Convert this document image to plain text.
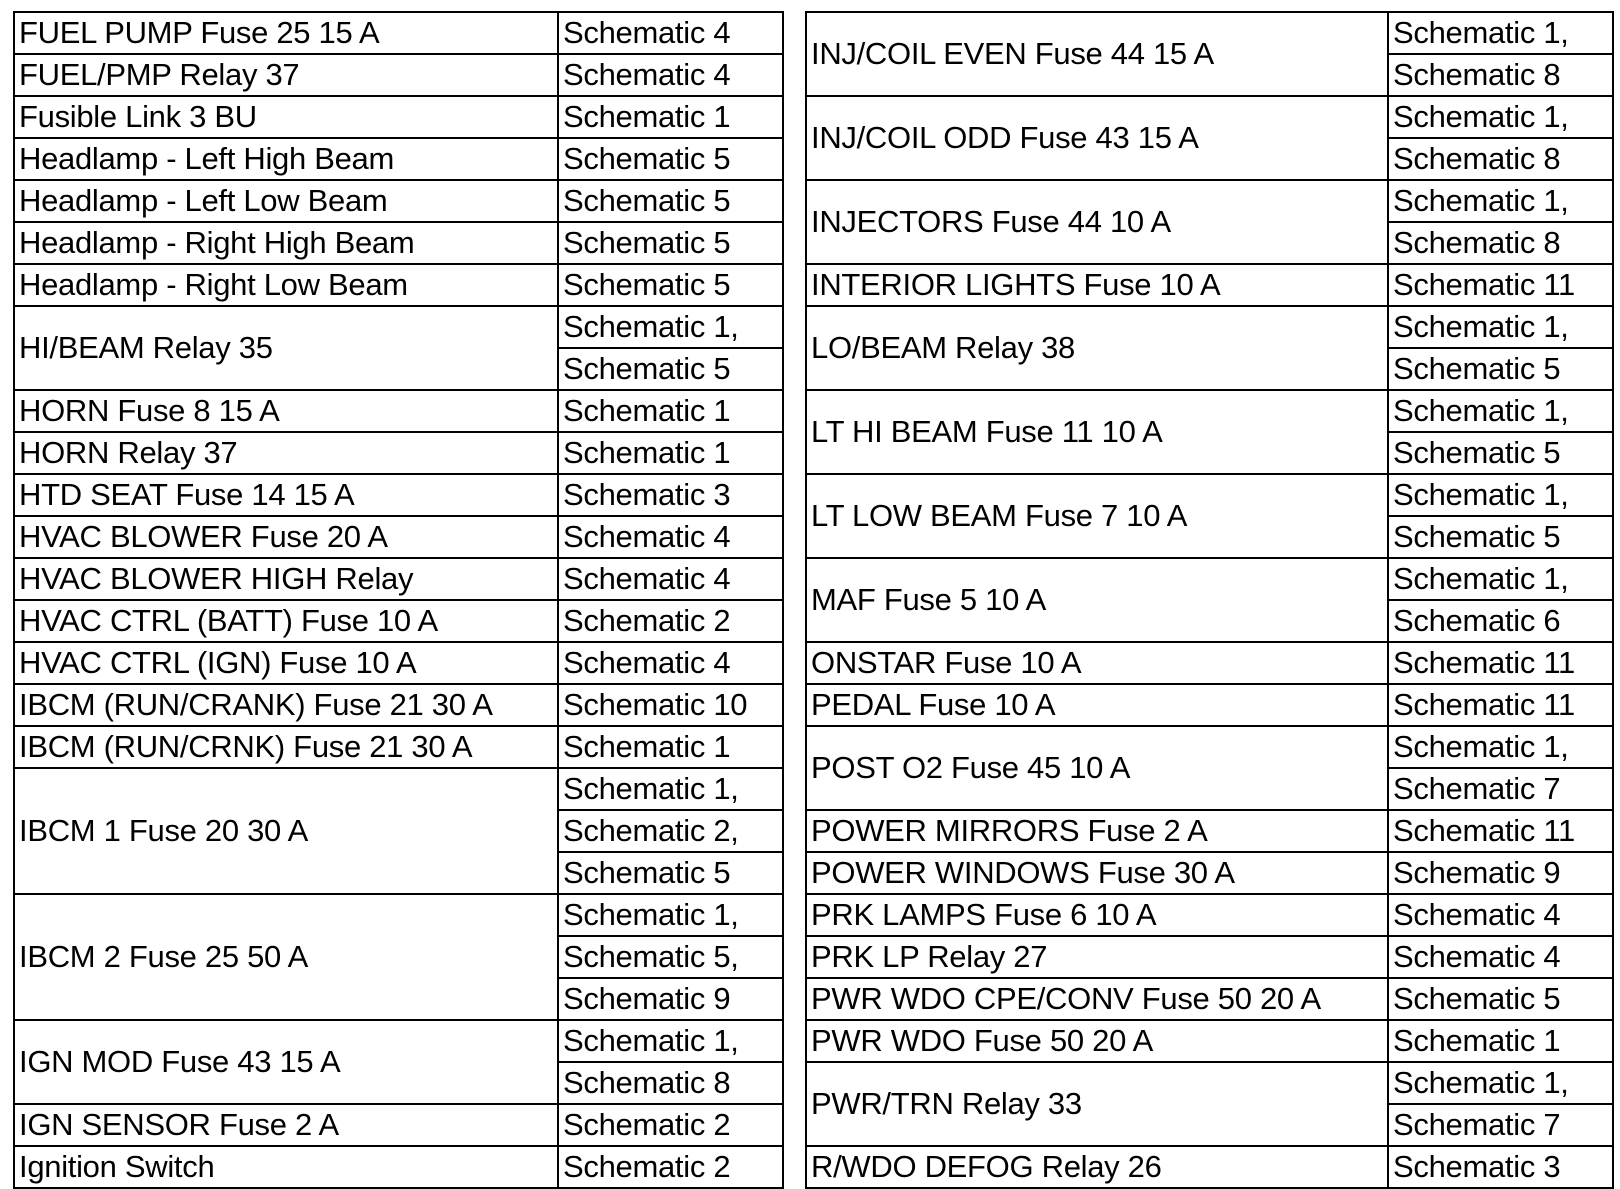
FUEL PUMP Fuse 25 15 A	Schematic 4
FUEL/PMP Relay 37	Schematic 4
Fusible Link 3 BU	Schematic 1
Headlamp - Left High Beam	Schematic 5
Headlamp - Left Low Beam	Schematic 5
Headlamp - Right High Beam	Schematic 5
Headlamp - Right Low Beam	Schematic 5
HI/BEAM Relay 35	Schematic 1,
	Schematic 5
HORN Fuse 8 15 A	Schematic 1
HORN Relay 37	Schematic 1
HTD SEAT Fuse 14 15 A	Schematic 3
HVAC BLOWER Fuse 20 A	Schematic 4
HVAC BLOWER HIGH Relay	Schematic 4
HVAC CTRL (BATT) Fuse 10 A	Schematic 2
HVAC CTRL (IGN) Fuse 10 A	Schematic 4
IBCM (RUN/CRANK) Fuse 21 30 A	Schematic 10
IBCM (RUN/CRNK) Fuse 21 30 A	Schematic 1
IBCM 1 Fuse 20 30 A	Schematic 1,
	Schematic 2,
	Schematic 5
IBCM 2 Fuse 25 50 A	Schematic 1,
	Schematic 5,
	Schematic 9
IGN MOD Fuse 43 15 A	Schematic 1,
	Schematic 8
IGN SENSOR Fuse 2 A	Schematic 2
Ignition Switch	Schematic 2
INJ/COIL EVEN Fuse 44 15 A	Schematic 1,
	Schematic 8
INJ/COIL ODD Fuse 43 15 A	Schematic 1,
	Schematic 8
INJECTORS Fuse 44 10 A	Schematic 1,
	Schematic 8
INTERIOR LIGHTS Fuse 10 A	Schematic 11
LO/BEAM Relay 38	Schematic 1,
	Schematic 5
LT HI BEAM Fuse 11 10 A	Schematic 1,
	Schematic 5
LT LOW BEAM Fuse 7 10 A	Schematic 1,
	Schematic 5
MAF Fuse 5 10 A	Schematic 1,
	Schematic 6
ONSTAR Fuse 10 A	Schematic 11
PEDAL Fuse 10 A	Schematic 11
POST O2 Fuse 45 10 A	Schematic 1,
	Schematic 7
POWER MIRRORS Fuse 2 A	Schematic 11
POWER WINDOWS Fuse 30 A	Schematic 9
PRK LAMPS Fuse 6 10 A	Schematic 4
PRK LP Relay 27	Schematic 4
PWR WDO CPE/CONV Fuse 50 20 A	Schematic 5
PWR WDO Fuse 50 20 A	Schematic 1
PWR/TRN Relay 33	Schematic 1,
	Schematic 7
R/WDO DEFOG Relay 26	Schematic 3
